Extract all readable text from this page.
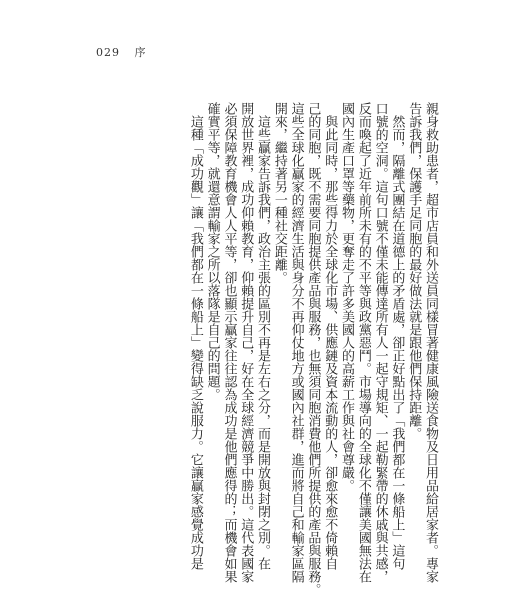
029 序
親身救助患者，超市店員和外送員同樣冒著健康風險送食物及日用品給居家者。專家
告訴我們，保護手足同胞的最好做法就是跟他們保持距離。
　然而，隔離式團結在道德上的矛盾處，卻正好點出了「我們都在一條船上」這句
口號的空洞。這句口號不僅未能傳達所有人一起守規矩、一起勒緊帶的休戚與共感，
反而喚起了近年前所未有的不平等與政黨惡鬥。市場導向的全球化不僅讓美國無法在
國內生產口罩等藥物，更奪走了許多美國人的高薪工作與社會尊嚴。
　與此同時，那些得力於全球化市場、供應鏈及資本流動的人，卻愈來愈不倚賴自
己的同胞，既不需要同胞提供產品與服務，也無須同胞消費他們所提供的產品與服務。
這些全球化贏家的經濟生活與身分不再仰仗地方或國內社群，進而將自己和輸家區隔
開來，繼持著另一種社交距離。
　這些贏家告訴我們，政治主張的區別不再是左右之分，而是開放與封閉之別。在
開放世界裡，成功仰賴教育，仰賴提升自己，好在全球經濟競爭中勝出。這代表國家
必須保障教育機會人人平等，卻也顯示贏家往往認為成功是他們應得的；而機會如果
確實平等，就還意謂輸家之所以落隊是自己的問題。
　這種「成功觀」讓「我們都在一條船上」變得缺乏說服力。它讓贏家感覺成功是
